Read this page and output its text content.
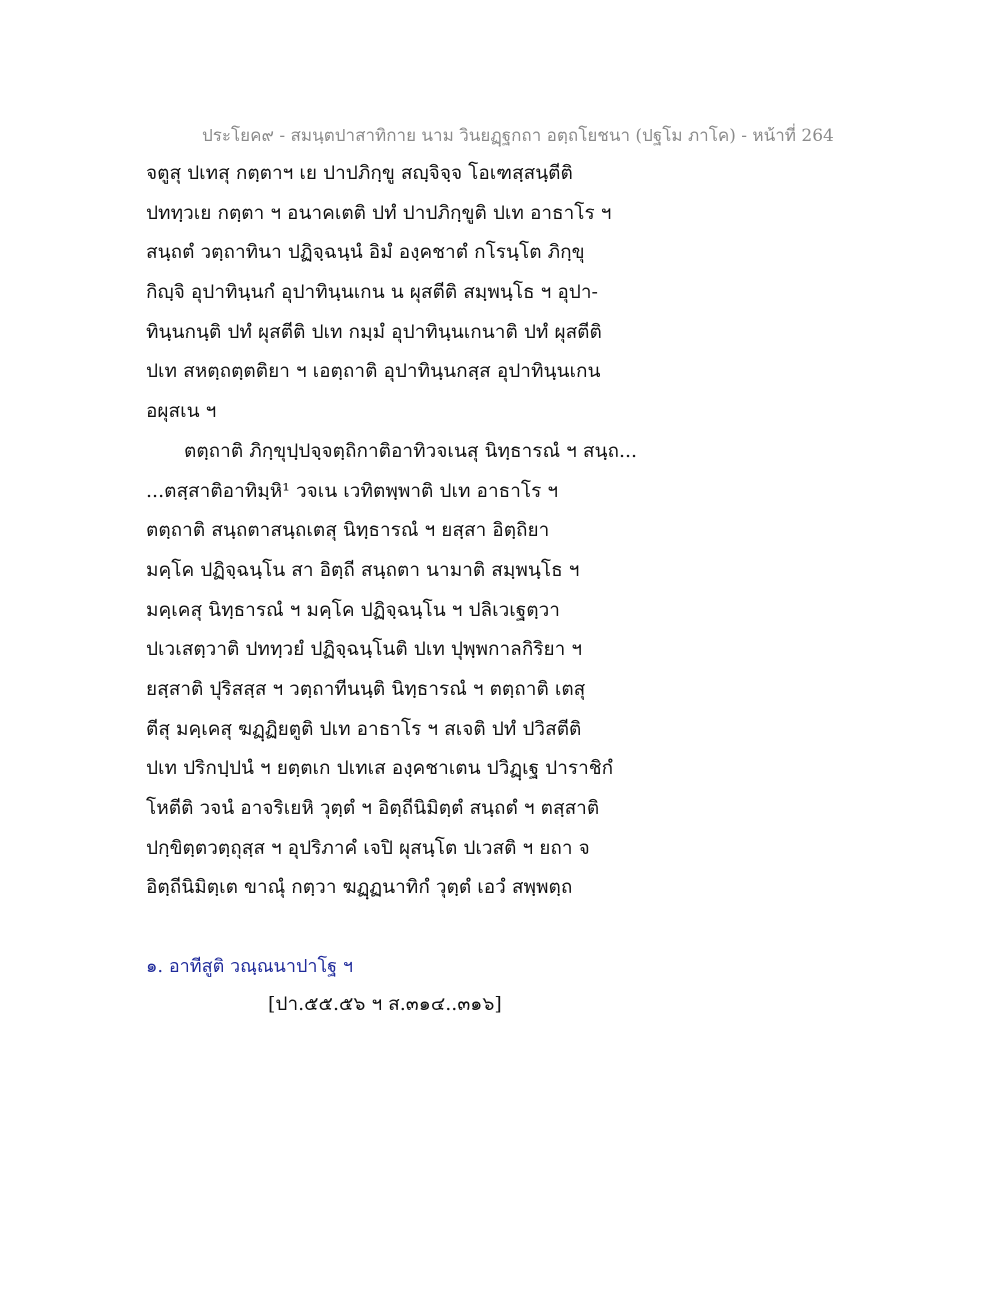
ประโยค๙ - สมนฺตปาสาทิกาย นาม วินยฏฺฐกถา อตฺถโยชนา (ปฐโม ภาโค) - หน้าที่ 264
จตูสุ ปเทสุ กตฺตาฯ เย ปาปภิกฺขู สญฺจิจฺจ โอเฑสฺสนฺตีติ
ปททฺวเย กตฺตา ฯ อนาคเตติ ปทํ ปาปภิกฺขูติ ปเท อาธาโร ฯ
สนฺถตํ วตฺถาทินา ปฏิจฺฉนฺนํ อิมํ องฺคชาตํ กโรนฺโต ภิกฺขุ
กิญฺจิ อุปาทินฺนกํ อุปาทินฺนเกน น ผุสตีติ สมฺพนฺโธ ฯ อุปา-
ทินฺนกนฺติ ปทํ ผุสตีติ ปเท กมฺมํ อุปาทินฺนเกนาติ ปทํ ผุสตีติ
ปเท สหตฺถตฺตติยา ฯ เอตฺถาติ อุปาทินฺนกสฺส อุปาทินฺนเกน
อผุสเน ฯ
ตตฺถาติ ภิกฺขุปฺปจฺจตฺถิกาติอาทิวจเนสุ นิทฺธารณํ ฯ สนฺถ...
...ตสฺสาติอาทิมฺหิ¹ วจเน เวทิตพฺพาติ ปเท อาธาโร ฯ
ตตฺถาติ สนฺถตาสนฺถเตสุ นิทฺธารณํ ฯ ยสฺสา อิตฺถิยา
มคฺโค ปฏิจฺฉนฺโน สา อิตฺถี สนฺถตา นามาติ สมฺพนฺโธ ฯ
มคฺเคสุ นิทฺธารณํ ฯ มคฺโค ปฏิจฺฉนฺโน ฯ ปลิเวเฐตฺวา
ปเวเสตฺวาติ ปททฺวยํ ปฏิจฺฉนฺโนติ ปเท ปุพฺพกาลกิริยา ฯ
ยสฺสาติ ปุริสสฺส ฯ วตฺถาทีนนฺติ นิทฺธารณํ ฯ ตตฺถาติ เตสุ
ตีสุ มคฺเคสุ ฆฏฺฏิยตูติ ปเท อาธาโร ฯ สเจติ ปทํ ปวิสตีติ
ปเท ปริกปฺปนํ ฯ ยตฺตเก ปเทเส องฺคชาเตน ปวิฏฺเฐ ปาราชิกํ
โหตีติ วจนํ อาจริเยหิ วุตฺตํ ฯ อิตฺถีนิมิตฺตํ สนฺถตํ ฯ ตสฺสาติ
ปกฺขิตฺตวตฺถุสฺส ฯ อุปริภาคํ เจปิ ผุสนฺโต ปเวสติ ฯ ยถา จ
อิตฺถีนิมิตฺเต ขาณุํ กตฺวา ฆฏฺฏนาทิกํ วุตฺตํ เอวํ สพฺพตฺถ
๑. อาทีสูติ วณฺณนาปาโฐ ฯ
[ปา.๕๕.๕๖ ฯ ส.๓๑๔..๓๑๖]
